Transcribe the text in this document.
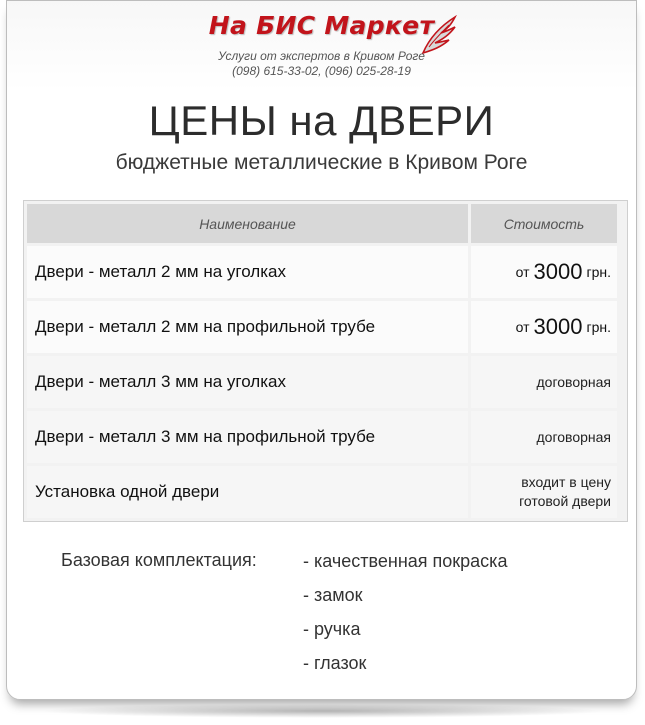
На БИС Маркет
Услуги от экспертов в Кривом Роге
(098) 615-33-02, (096) 025-28-19
ЦЕНЫ на ДВЕРИ
бюджетные металлические в Кривом Роге
Наименование	Стоимость
Двери - металл 2 мм на уголках	от 3000 грн.
Двери - металл 2 мм на профильной трубе	от 3000 грн.
Двери - металл 3 мм на уголках	договорная
Двери - металл 3 мм на профильной трубе	договорная
Установка одной двери	входит в цену
готовой двери
Базовая комплектация:	- качественная покраска
- замок
- ручка
- глазок
